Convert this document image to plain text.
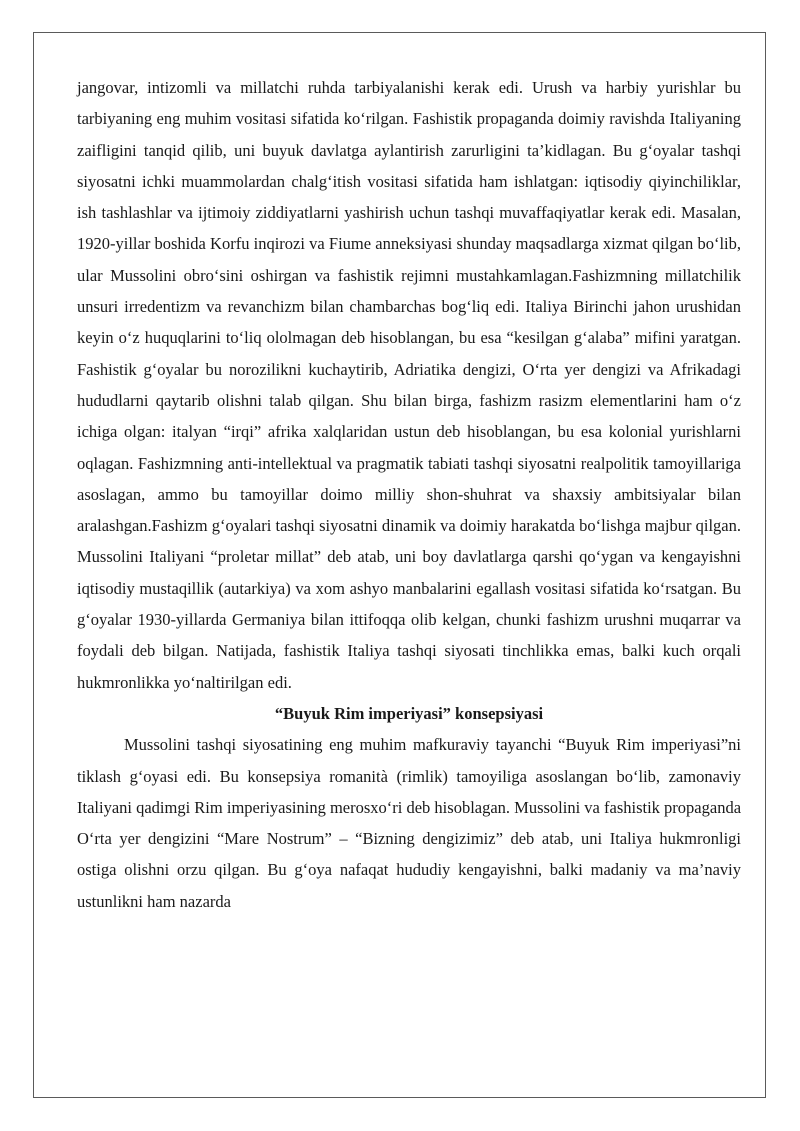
jangovar, intizomli va millatchi ruhda tarbiyalanishi kerak edi. Urush va harbiy yurishlar bu tarbiyaning eng muhim vositasi sifatida ko‘rilgan. Fashistik propaganda doimiy ravishda Italiyaning zaifligini tanqid qilib, uni buyuk davlatga aylantirish zarurligini ta’kidlagan. Bu g‘oyalar tashqi siyosatni ichki muammolardan chalg‘itish vositasi sifatida ham ishlatgan: iqtisodiy qiyinchiliklar, ish tashlashlar va ijtimoiy ziddiyatlarni yashirish uchun tashqi muvaffaqiyatlar kerak edi. Masalan, 1920-yillar boshida Korfu inqirozi va Fiume anneksiyasi shunday maqsadlarga xizmat qilgan bo‘lib, ular Mussolini obro‘sini oshirgan va fashistik rejimni mustahkamlagan.Fashizmning millatchilik unsuri irredentizm va revanchizm bilan chambarchas bog‘liq edi. Italiya Birinchi jahon urushidan keyin o‘z huquqlarini to‘liq ololmagan deb hisoblangan, bu esa “kesilgan g‘alaba” mifini yaratgan. Fashistik g‘oyalar bu norozilikni kuchaytirib, Adriatika dengizi, O‘rta yer dengizi va Afrikadagi hududlarni qaytarib olishni talab qilgan. Shu bilan birga, fashizm rasizm elementlarini ham o‘z ichiga olgan: italyan “irqi” afrika xalqlaridan ustun deb hisoblangan, bu esa kolonial yurishlarni oqlagan. Fashizmning anti-intellektual va pragmatik tabiati tashqi siyosatni realpolitik tamoyillariga asoslagan, ammo bu tamoyillar doimo milliy shon-shuhrat va shaxsiy ambitsiyalar bilan aralashgan.Fashizm g‘oyalari tashqi siyosatni dinamik va doimiy harakatda bo‘lishga majbur qilgan. Mussolini Italiyani “proletar millat” deb atab, uni boy davlatlarga qarshi qo‘ygan va kengayishni iqtisodiy mustaqillik (autarkiya) va xom ashyo manbalarini egallash vositasi sifatida ko‘rsatgan. Bu g‘oyalar 1930-yillarda Germaniya bilan ittifoqqa olib kelgan, chunki fashizm urushni muqarrar va foydali deb bilgan. Natijada, fashistik Italiya tashqi siyosati tinchlikka emas, balki kuch orqali hukmronlikka yo‘naltirilgan edi.

“Buyuk Rim imperiyasi” konsepsiyasi

Mussolini tashqi siyosatining eng muhim mafkuraviy tayanchi “Buyuk Rim imperiyasi”ni tiklash g‘oyasi edi. Bu konsepsiya romanità (rimlik) tamoyiliga asoslangan bo‘lib, zamonaviy Italiyani qadimgi Rim imperiyasining merosxo‘ri deb hisoblagan. Mussolini va fashistik propaganda O‘rta yer dengizini “Mare Nostrum” – “Bizning dengizimiz” deb atab, uni Italiya hukmronligi ostiga olishni orzu qilgan. Bu g‘oya nafaqat hududiy kengayishni, balki madaniy va ma’naviy ustunlikni ham nazarda
